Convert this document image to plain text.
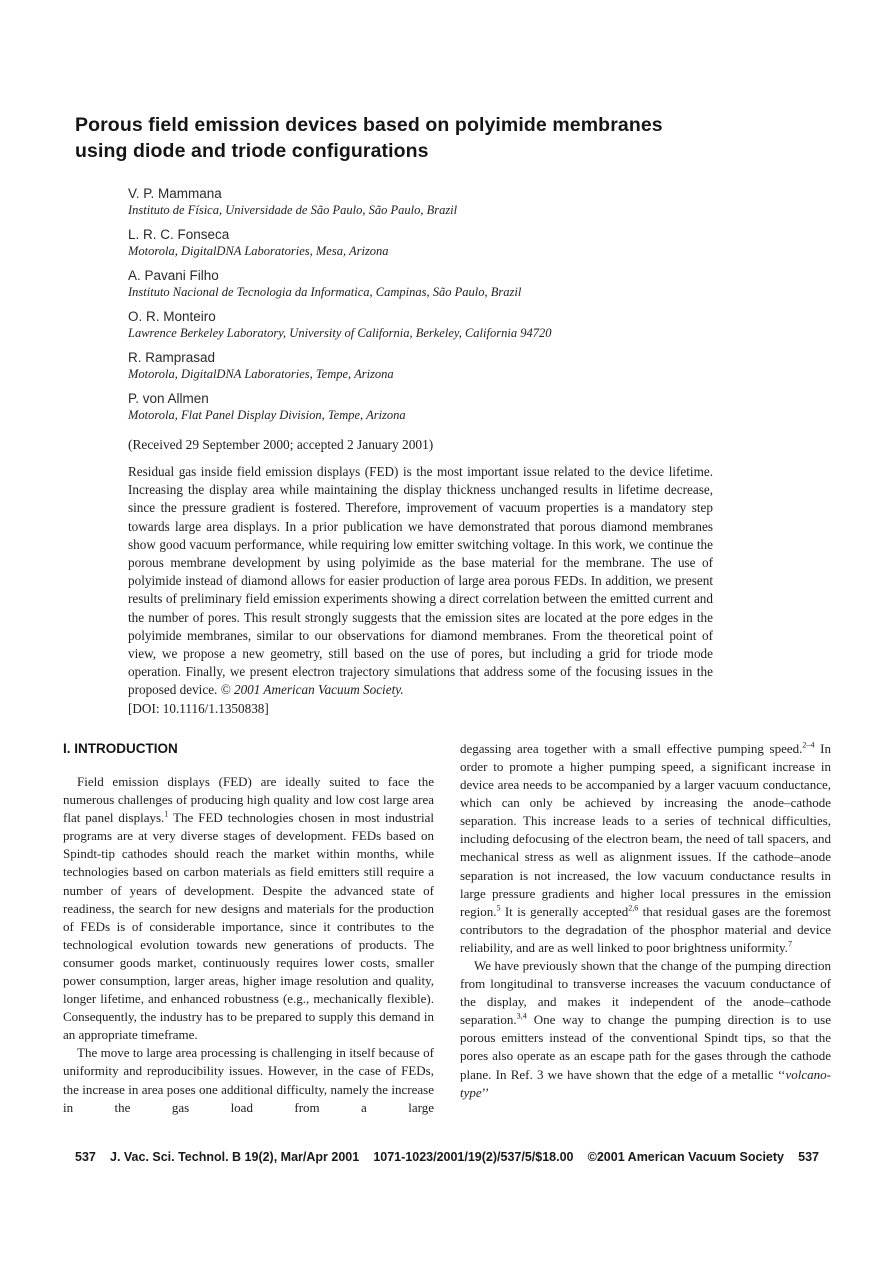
Porous field emission devices based on polyimide membranes
using diode and triode configurations

V. P. Mammana

Instituto de Física, Universidade de São Paulo, São Paulo, Brazil

L. R. C. Fonseca

Motorola, DigitalDNA Laboratories, Mesa, Arizona

A. Pavani Filho

Instituto Nacional de Tecnologia da Informatica, Campinas, São Paulo, Brazil

O. R. Monteiro

Lawrence Berkeley Laboratory, University of California, Berkeley, California 94720

R. Ramprasad

Motorola, DigitalDNA Laboratories, Tempe, Arizona

P. von Allmen

Motorola, Flat Panel Display Division, Tempe, Arizona

(Received 29 September 2000; accepted 2 January 2001)

Residual gas inside field emission displays (FED) is the most important issue related to the device lifetime. Increasing the display area while maintaining the display thickness unchanged results in lifetime decrease, since the pressure gradient is fostered. Therefore, improvement of vacuum properties is a mandatory step towards large area displays. In a prior publication we have demonstrated that porous diamond membranes show good vacuum performance, while requiring low emitter switching voltage. In this work, we continue the porous membrane development by using polyimide as the base material for the membrane. The use of polyimide instead of diamond allows for easier production of large area porous FEDs. In addition, we present results of preliminary field emission experiments showing a direct correlation between the emitted current and the number of pores. This result strongly suggests that the emission sites are located at the pore edges in the polyimide membranes, similar to our observations for diamond membranes. From the theoretical point of view, we propose a new geometry, still based on the use of pores, but including a grid for triode mode operation. Finally, we present electron trajectory simulations that address some of the focusing issues in the proposed device. © 2001 American Vacuum Society.

[DOI: 10.1116/1.1350838]

I. INTRODUCTION

Field emission displays (FED) are ideally suited to face the numerous challenges of producing high quality and low cost large area flat panel displays.$^1$ The FED technologies chosen in most industrial programs are at very diverse stages of development. FEDs based on Spindt-tip cathodes should reach the market within months, while technologies based on carbon materials as field emitters still require a number of years of development. Despite the advanced state of readiness, the search for new designs and materials for the production of FEDs is of considerable importance, since it contributes to the technological evolution towards new generations of products. The consumer goods market, continuously requires lower costs, smaller power consumption, larger areas, higher image resolution and quality, longer lifetime, and enhanced robustness (e.g., mechanically flexible). Consequently, the industry has to be prepared to supply this demand in an appropriate timeframe.

The move to large area processing is challenging in itself because of uniformity and reproducibility issues. However, in the case of FEDs, the increase in area poses one additional difficulty, namely the increase in the gas load from a large

degassing area together with a small effective pumping speed.$^{2-4}$ In order to promote a higher pumping speed, a significant increase in device area needs to be accompanied by a larger vacuum conductance, which can only be achieved by increasing the anode–cathode separation. This increase leads to a series of technical difficulties, including defocusing of the electron beam, the need of tall spacers, and mechanical stress as well as alignment issues. If the cathode–anode separation is not increased, the low vacuum conductance results in large pressure gradients and higher local pressures in the emission region.$^5$ It is generally accepted$^{2,6}$ that residual gases are the foremost contributors to the degradation of the phosphor material and device reliability, and are as well linked to poor brightness uniformity.$^7$

We have previously shown that the change of the pumping direction from longitudinal to transverse increases the vacuum conductance of the display, and makes it independent of the anode–cathode separation.$^{3,4}$ One way to change the pumping direction is to use porous emitters instead of the conventional Spindt tips, so that the pores also operate as an escape path for the gases through the cathode plane. In Ref. 3 we have shown that the edge of a metallic ‘‘volcano-type’’

537 J. Vac. Sci. Technol. B 19(2), Mar/Apr 2001 1071-1023/2001/19(2)/537/5/$18.00 ©2001 American Vacuum Society 537
